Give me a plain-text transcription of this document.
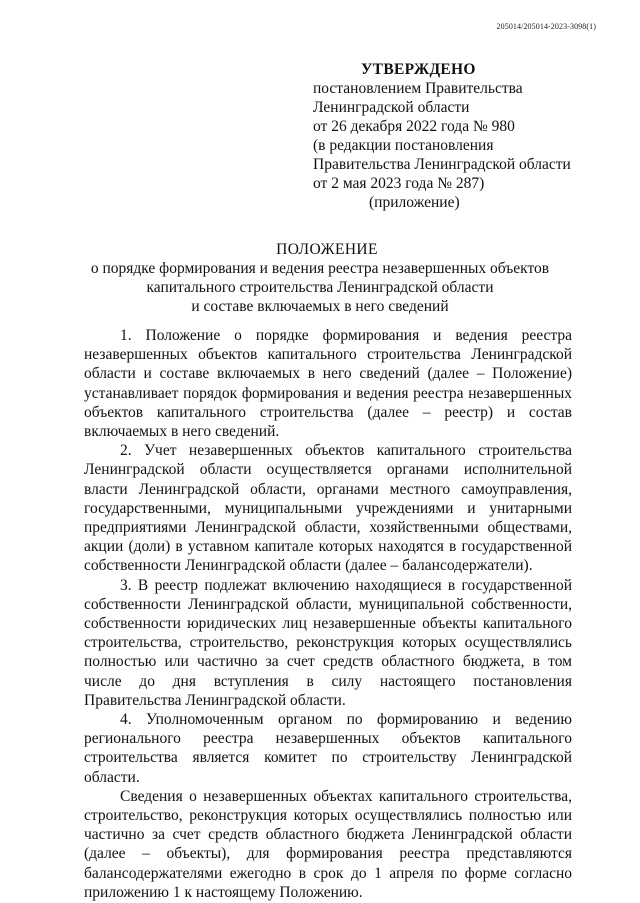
205014/205014-2023-3098(1)
УТВЕРЖДЕНО
постановлением Правительства
Ленинградской области
от 26 декабря 2022 года № 980
(в редакции постановления
Правительства Ленинградской области
от 2 мая 2023 года № 287)
(приложение)
ПОЛОЖЕНИЕ
о порядке формирования и ведения реестра незавершенных объектов
капитального строительства Ленинградской области
и составе включаемых в него сведений

1. Положение о порядке формирования и ведения реестра незавершенных объектов капитального строительства Ленинградской области и составе включаемых в него сведений (далее – Положение) устанавливает порядок формирования и ведения реестра незавершенных объектов капитального строительства (далее – реестр) и состав включаемых в него сведений.

2. Учет незавершенных объектов капитального строительства Ленинградской области осуществляется органами исполнительной власти Ленинградской области, органами местного самоуправления, государственными, муниципальными учреждениями и унитарными предприятиями Ленинградской области, хозяйственными обществами, акции (доли) в уставном капитале которых находятся в государственной собственности Ленинградской области (далее – балансодержатели).

3. В реестр подлежат включению находящиеся в государственной собственности Ленинградской области, муниципальной собственности, собственности юридических лиц незавершенные объекты капитального строительства, строительство, реконструкция которых осуществлялись полностью или частично за счет средств областного бюджета, в том числе до дня вступления в силу настоящего постановления Правительства Ленинградской области.

4. Уполномоченным органом по формированию и ведению регионального реестра незавершенных объектов капитального строительства является комитет по строительству Ленинградской области.

Сведения о незавершенных объектах капитального строительства, строительство, реконструкция которых осуществлялись полностью или частично за счет средств областного бюджета Ленинградской области (далее – объекты), для формирования реестра представляются балансодержателями ежегодно в срок до 1 апреля по форме согласно приложению 1 к настоящему Положению.
